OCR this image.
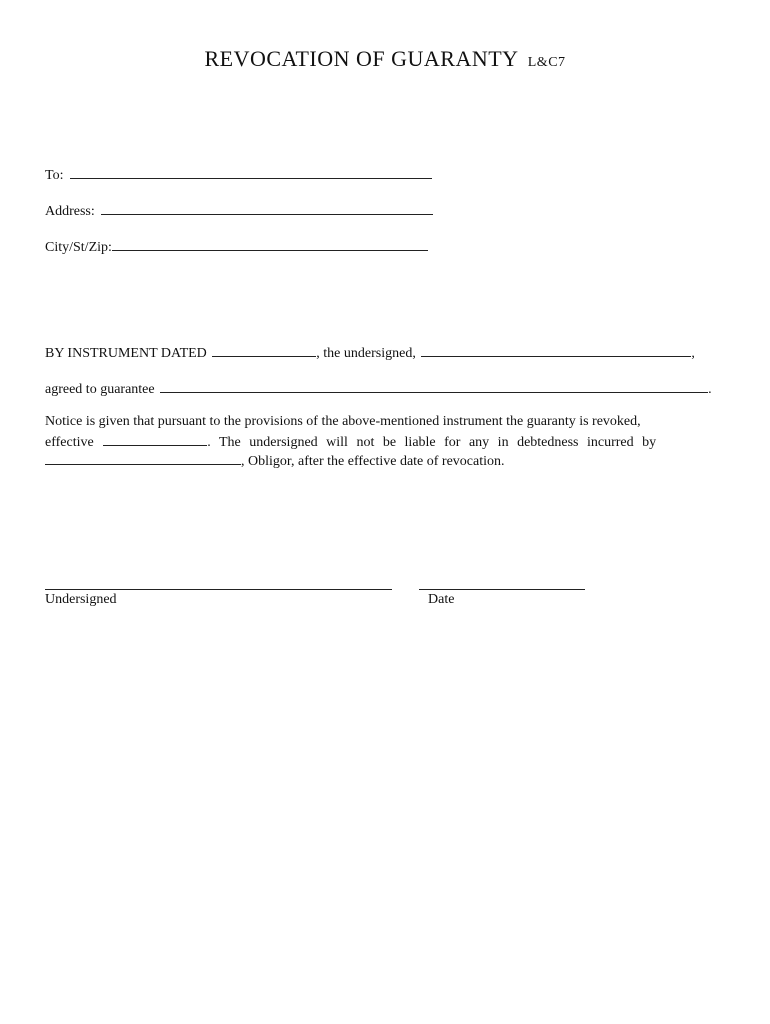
REVOCATION OF GUARANTY L&C7
To:
Address:
City/St/Zip:
BY INSTRUMENT DATED	, the undersigned,	,
agreed to guarantee	.
Notice is given that pursuant to the provisions of the above-mentioned instrument the guaranty is revoked,
effective	. The undersigned will not be liable for any in debtedness incurred by
, Obligor, after the effective date of revocation.
Undersigned	Date
